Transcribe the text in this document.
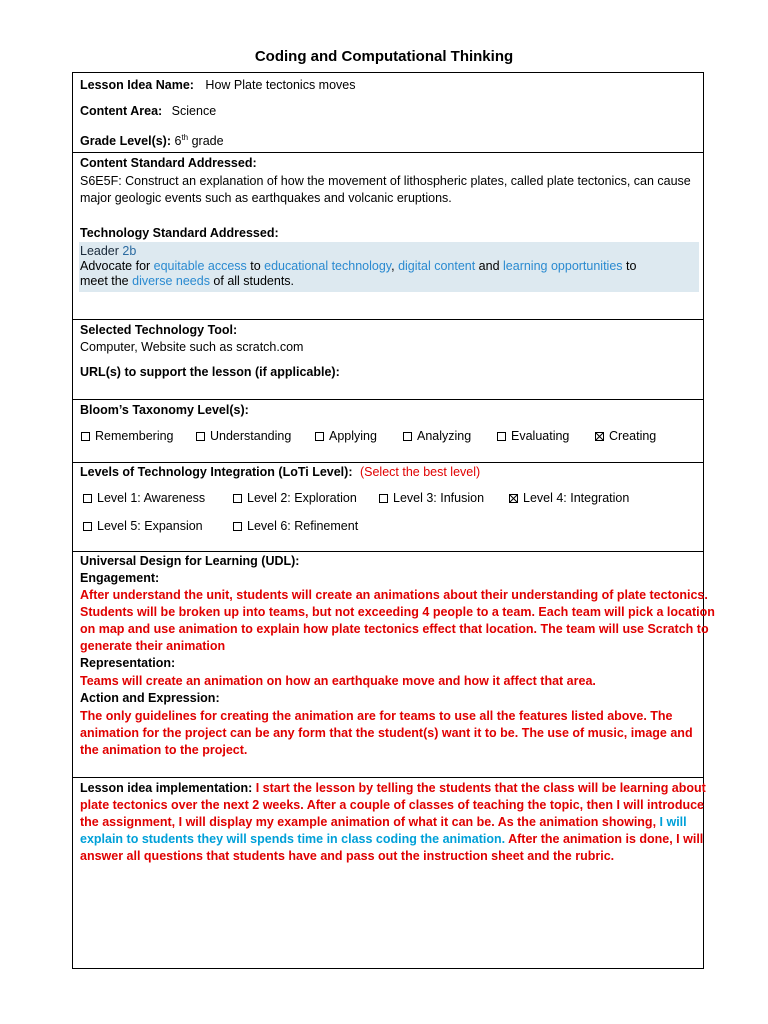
Coding and Computational Thinking
Lesson Idea Name: How Plate tectonics moves
Content Area: Science
Grade Level(s): 6th grade
Content Standard Addressed:
S6E5F: Construct an explanation of how the movement of lithospheric plates, called plate tectonics, can cause
major geologic events such as earthquakes and volcanic eruptions.
Technology Standard Addressed:
Leader 2b
Advocate for equitable access to educational technology, digital content and learning opportunities to
meet the diverse needs of all students.
Selected Technology Tool:
Computer, Website such as scratch.com
URL(s) to support the lesson (if applicable):
Bloom’s Taxonomy Level(s):
Remembering	Understanding	Applying	Analyzing	Evaluating	Creating
Levels of Technology Integration (LoTi Level): (Select the best level)
Level 1: Awareness	Level 2: Exploration	Level 3: Infusion	Level 4: Integration
Level 5: Expansion	Level 6: Refinement
Universal Design for Learning (UDL):
Engagement:
After understand the unit, students will create an animations about their understanding of plate tectonics.
Students will be broken up into teams, but not exceeding 4 people to a team. Each team will pick a location
on map and use animation to explain how plate tectonics effect that location. The team will use Scratch to
generate their animation
Representation:
Teams will create an animation on how an earthquake move and how it affect that area.
Action and Expression:
The only guidelines for creating the animation are for teams to use all the features listed above. The
animation for the project can be any form that the student(s) want it to be. The use of music, image and
the animation to the project.
Lesson idea implementation: I start the lesson by telling the students that the class will be learning about
plate tectonics over the next 2 weeks. After a couple of classes of teaching the topic, then I will introduce
the assignment, I will display my example animation of what it can be. As the animation showing, I will
explain to students they will spends time in class coding the animation. After the animation is done, I will
answer all questions that students have and pass out the instruction sheet and the rubric.
